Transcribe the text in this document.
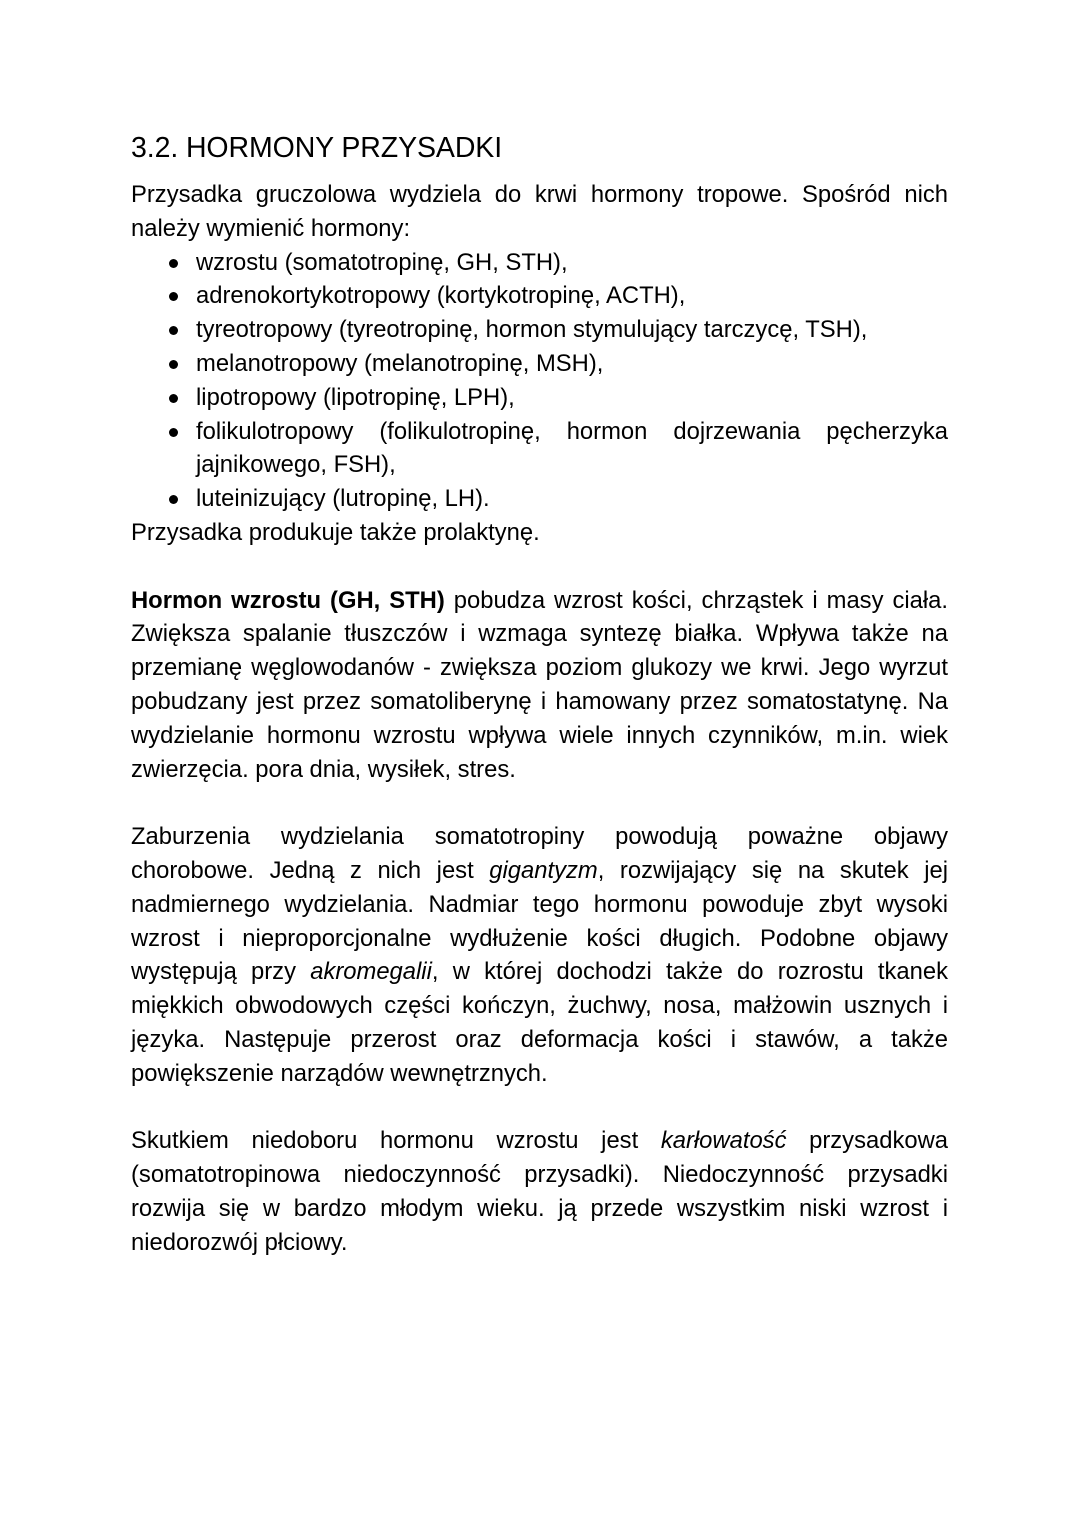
3.2. HORMONY PRZYSADKI

Przysadka gruczolowa wydziela do krwi hormony tropowe. Spośród nich należy wymienić hormony:

wzrostu (somatotropinę, GH, STH),
adrenokortykotropowy (kortykotropinę, ACTH),
tyreotropowy (tyreotropinę, hormon stymulujący tarczycę, TSH),
melanotropowy (melanotropinę, MSH),
lipotropowy (lipotropinę, LPH),
folikulotropowy (folikulotropinę, hormon dojrzewania pęcherzyka jajnikowego, FSH),
luteinizujący (lutropinę, LH).

Przysadka produkuje także prolaktynę.

Hormon wzrostu (GH, STH) pobudza wzrost kości, chrząstek i masy ciała. Zwiększa spalanie tłuszczów i wzmaga syntezę białka. Wpływa także na przemianę węglowodanów - zwiększa poziom glukozy we krwi. Jego wyrzut pobudzany jest przez somatoliberynę i hamowany przez somatostatynę. Na wydzielanie hormonu wzrostu wpływa wiele innych czynników, m.in. wiek zwierzęcia. pora dnia, wysiłek, stres.

Zaburzenia wydzielania somatotropiny powodują poważne objawy chorobowe. Jedną z nich jest gigantyzm, rozwijający się na skutek jej nadmiernego wydzielania. Nadmiar tego hormonu powoduje zbyt wysoki wzrost i nieproporcjonalne wydłużenie kości długich. Podobne objawy występują przy akromegalii, w której dochodzi także do rozrostu tkanek miękkich obwodowych części kończyn, żuchwy, nosa, małżowin usznych i języka. Następuje przerost oraz deformacja kości i stawów, a także powiększenie narządów wewnętrznych.

Skutkiem niedoboru hormonu wzrostu jest karłowatość przysadkowa (somatotropinowa niedoczynność przysadki). Niedoczynność przysadki rozwija się w bardzo młodym wieku. ją przede wszystkim niski wzrost i niedorozwój płciowy.
